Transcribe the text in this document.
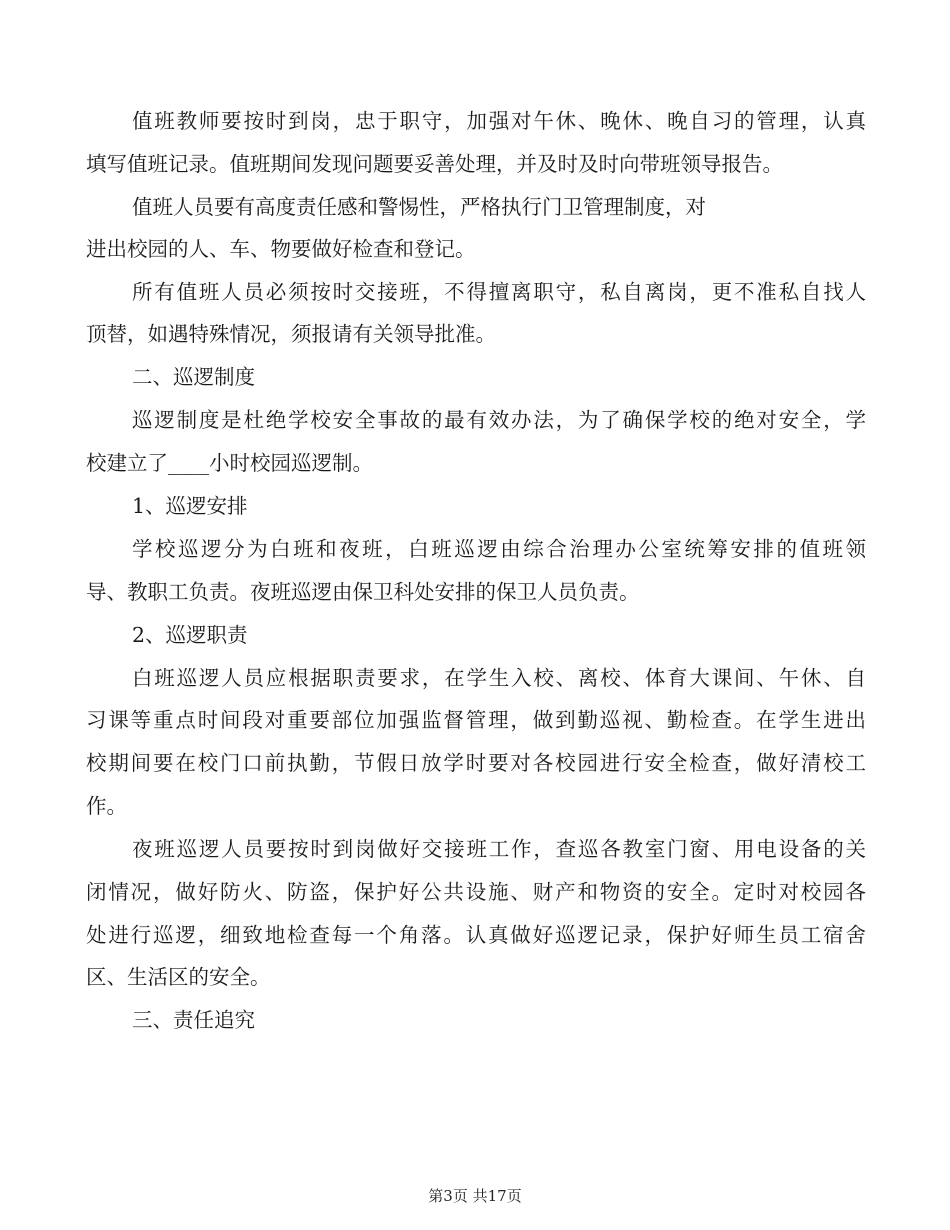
值班教师要按时到岗，忠于职守，加强对午休、晚休、晚自习的管理，认真
填写值班记录。值班期间发现问题要妥善处理，并及时及时向带班领导报告。
值班人员要有高度责任感和警惕性，严格执行门卫管理制度，对
进出校园的人、车、物要做好检查和登记。
所有值班人员必须按时交接班，不得擅离职守，私自离岗，更不准私自找人
顶替，如遇特殊情况，须报请有关领导批准。
二、巡逻制度
巡逻制度是杜绝学校安全事故的最有效办法，为了确保学校的绝对安全，学
校建立了____小时校园巡逻制。
1、巡逻安排
学校巡逻分为白班和夜班，白班巡逻由综合治理办公室统筹安排的值班领
导、教职工负责。夜班巡逻由保卫科处安排的保卫人员负责。
2、巡逻职责
白班巡逻人员应根据职责要求，在学生入校、离校、体育大课间、午休、自
习课等重点时间段对重要部位加强监督管理，做到勤巡视、勤检查。在学生进出
校期间要在校门口前执勤，节假日放学时要对各校园进行安全检查，做好清校工
作。
夜班巡逻人员要按时到岗做好交接班工作，查巡各教室门窗、用电设备的关
闭情况，做好防火、防盗，保护好公共设施、财产和物资的安全。定时对校园各
处进行巡逻，细致地检查每一个角落。认真做好巡逻记录，保护好师生员工宿舍
区、生活区的安全。
三、责任追究
第3页 共17页
